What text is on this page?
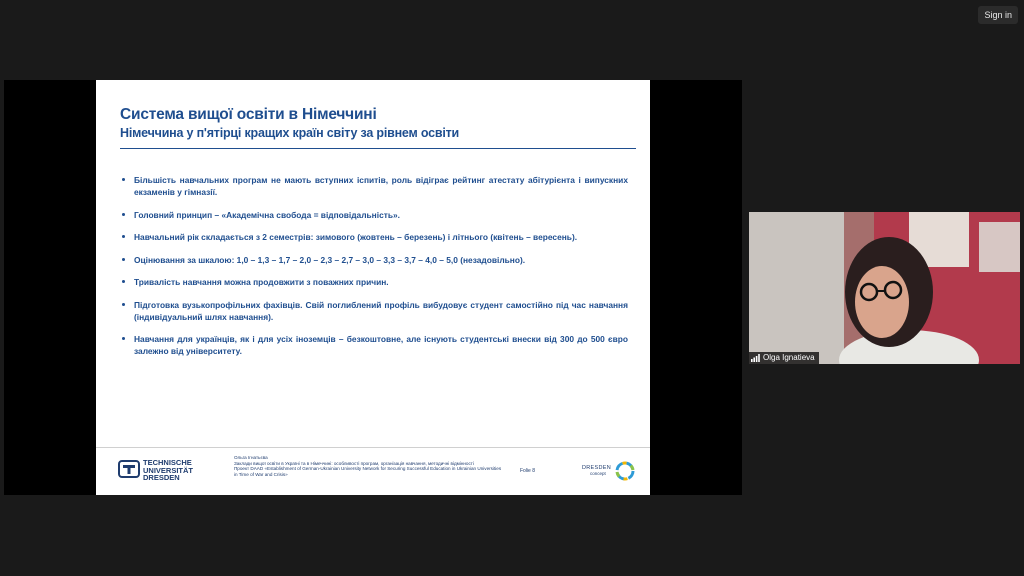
Sign in
Система вищої освіти в Німеччині
Німеччина у п'ятірці кращих країн світу за рівнем освіти
Більшість навчальних програм не мають вступних іспитів, роль відіграє рейтинг атестату абітурієнта і випускних екзаменів у гімназії.
Головний принцип – «Академічна свобода = відповідальність».
Навчальний рік складається з 2 семестрів: зимового (жовтень – березень) і літнього (квітень – вересень).
Оцінювання за шкалою: 1,0 – 1,3 – 1,7 – 2,0 – 2,3 – 2,7 – 3,0 – 3,3 – 3,7 – 4,0 – 5,0 (незадовільно).
Тривалість навчання можна продовжити з поважних причин.
Підготовка вузькопрофільних фахівців. Свій поглиблений профіль вибудовує студент самостійно під час навчання (індивідуальний шлях навчання).
Навчання для українців, як і для усіх іноземців – безкоштовне, але існують студентські внески від 300 до 500 євро залежно від університету.
TECHNISCHE
UNIVERSITÄT
DRESDEN
Ольга Ігнатьєва
Заклади вищої освіти в Україні та в Німеччині: особливості програм, організація навчання, методичні відмінності
Проект DAAD «Establishment of German-Ukrainian University Network for Securing Successful Education in Ukrainian Universities in Time of War and Crisis»
Folie 8	DRESDEN
concept
Olga Ignatieva
